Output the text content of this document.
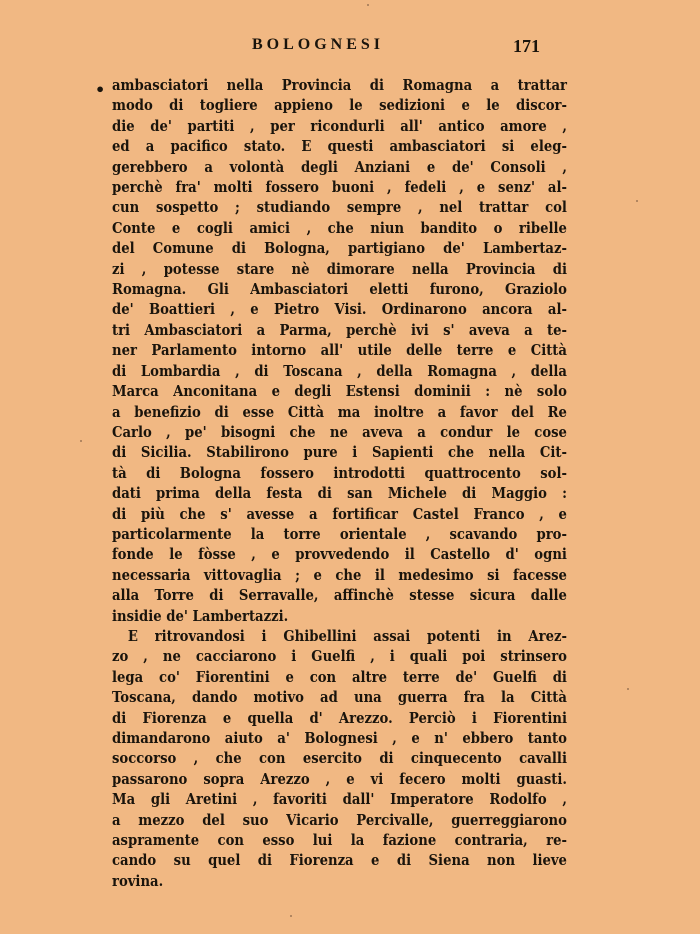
BOLOGNESI	171
• ambasciatori nella Provincia di Romagna a trattar
modo di togliere appieno le sedizioni e le discor-
die de' partiti , per ricondurli all' antico amore ,
ed a pacifico stato. E questi ambasciatori si eleg-
gerebbero a volontà degli Anziani e de' Consoli ,
perchè fra' molti fossero buoni , fedeli , e senz' al-
cun sospetto ; studiando sempre , nel trattar col
Conte e cogli amici , che niun bandito o ribelle
del Comune di Bologna, partigiano de' Lambertaz-
zi , potesse stare nè dimorare nella Provincia di
Romagna. Gli Ambasciatori eletti furono, Graziolo
de' Boattieri , e Pietro Visi. Ordinarono ancora al-
tri Ambasciatori a Parma, perchè ivi s' aveva a te-
ner Parlamento intorno all' utile delle terre e Città
di Lombardia , di Toscana , della Romagna , della
Marca Anconitana e degli Estensi dominii : nè solo
a benefizio di esse Città ma inoltre a favor del Re
Carlo , pe' bisogni che ne aveva a condur le cose
di Sicilia. Stabilirono pure i Sapienti che nella Cit-
tà di Bologna fossero introdotti quattrocento sol-
dati prima della festa di san Michele di Maggio :
di più che s' avesse a fortificar Castel Franco , e
particolarmente la torre orientale , scavando pro-
fonde le fòsse , e provvedendo il Castello d' ogni
necessaria vittovaglia ; e che il medesimo si facesse
alla Torre di Serravalle, affinchè stesse sicura dalle
insidie de' Lambertazzi.
E ritrovandosi i Ghibellini assai potenti in Arez-
zo , ne cacciarono i Guelfi , i quali poi strinsero
lega co' Fiorentini e con altre terre de' Guelfi di
Toscana, dando motivo ad una guerra fra la Città
di Fiorenza e quella d' Arezzo. Perciò i Fiorentini
dimandarono aiuto a' Bolognesi , e n' ebbero tanto
soccorso , che con esercito di cinquecento cavalli
passarono sopra Arezzo , e vi fecero molti guasti.
Ma gli Aretini , favoriti dall' Imperatore Rodolfo ,
a mezzo del suo Vicario Percivalle, guerreggiarono
aspramente con esso lui la fazione contraria, re-
cando su quel di Fiorenza e di Siena non lieve
rovina.
